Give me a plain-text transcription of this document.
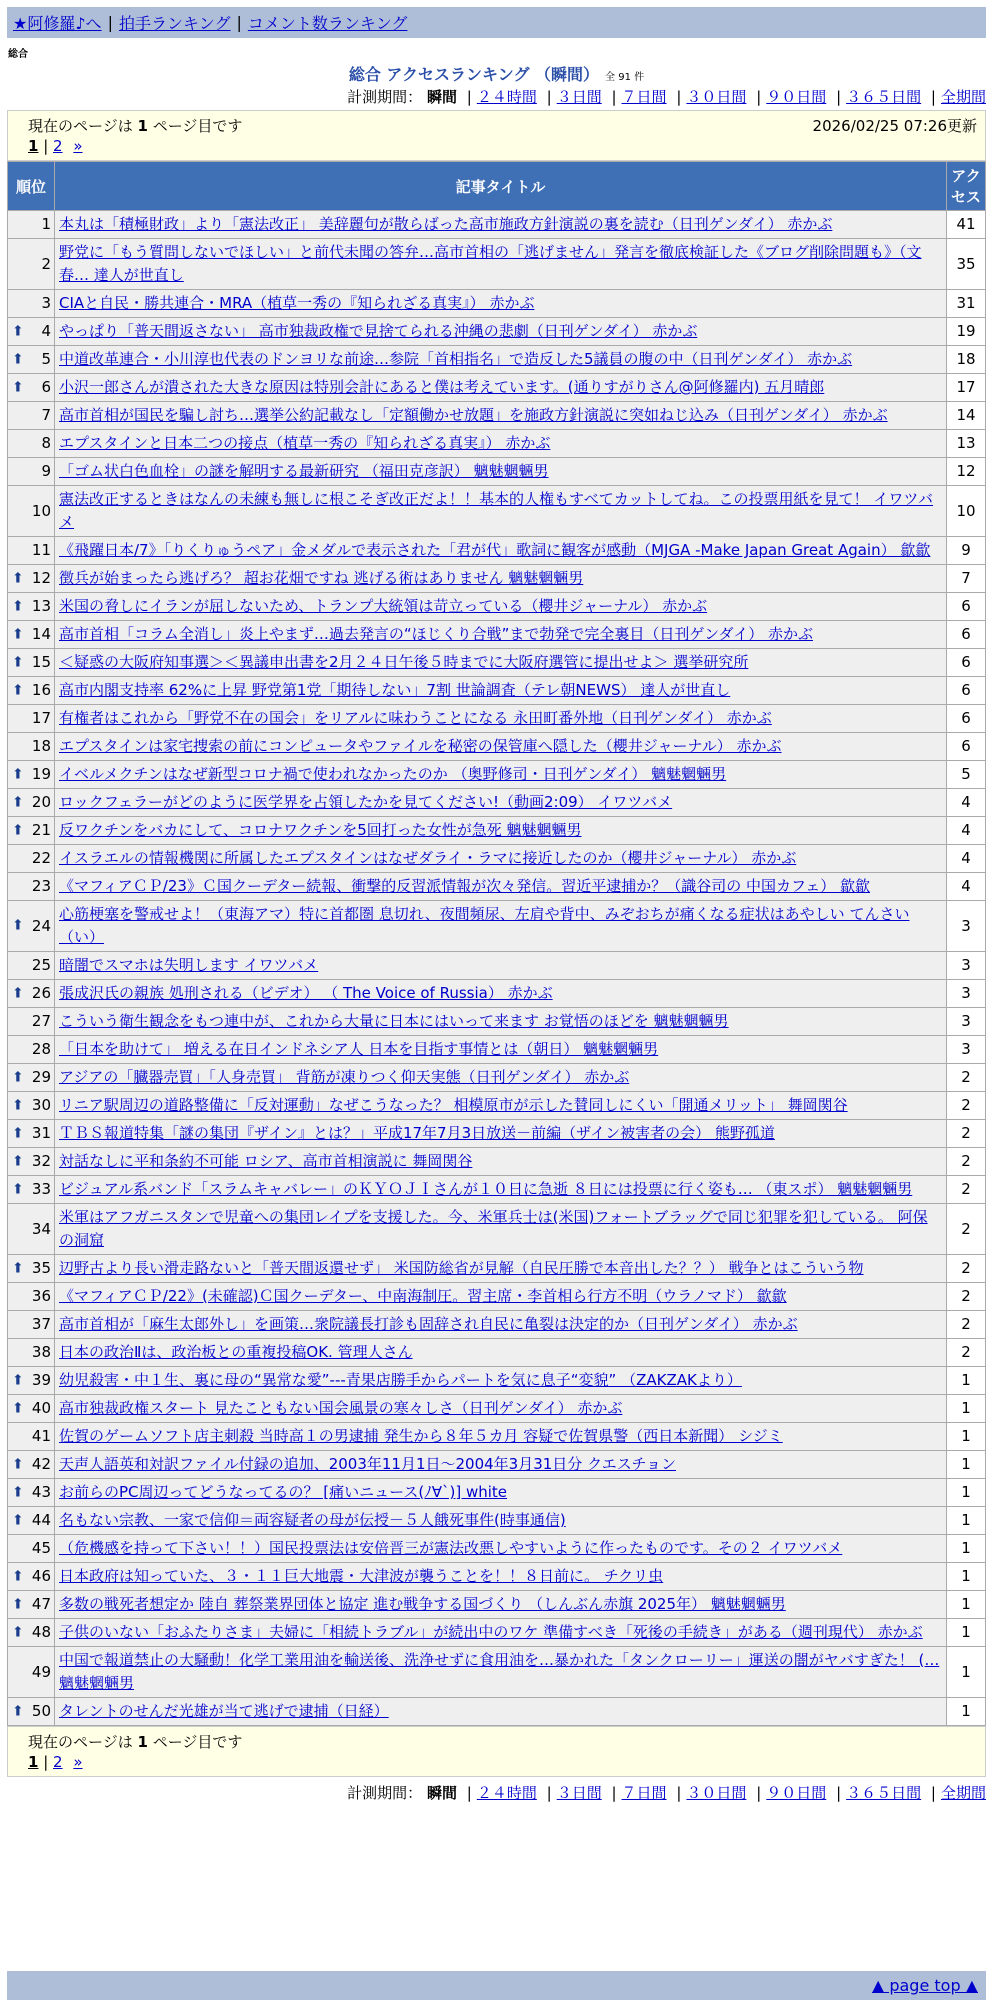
★阿修羅♪へ | 拍手ランキング | コメント数ランキング
総合
総合 アクセスランキング （瞬間） 全 91 件
計測期間： 瞬間 | ２４時間 | ３日間 | ７日間 | ３０日間 | ９０日間 | ３６５日間 | 全期間
現在のページは 1 ページ目です	2026/02/25 07:26更新
1 | 2 »
順位	記事タイトル	アクセス
1	本丸は「積極財政」より「憲法改正」 美辞麗句が散らばった高市施政方針演説の裏を読む（日刊ゲンダイ） 赤かぶ	41
2	野党に「もう質問しないでほしい」と前代未聞の答弁…高市首相の「逃げません」発言を徹底検証した《ブログ削除問題も》（文春… 達人が世直し	35
3	CIAと自民・勝共連合・MRA（植草一秀の『知られざる真実』） 赤かぶ	31

⬆ 4	やっぱり「普天間返さない」 高市独裁政権で見捨てられる沖縄の悲劇（日刊ゲンダイ） 赤かぶ	19

⬆ 5	中道改革連合・小川淳也代表のドンヨリな前途…参院「首相指名」で造反した5議員の腹の中（日刊ゲンダイ） 赤かぶ	18

⬆ 6	小沢一郎さんが潰された大きな原因は特別会計にあると僕は考えています。(通りすがりさん@阿修羅内) 五月晴郎	17
7	高市首相が国民を騙し討ち…選挙公約記載なし「定額働かせ放題」を施政方針演説に突如ねじ込み（日刊ゲンダイ） 赤かぶ	14
8	エプスタインと日本二つの接点（植草一秀の『知られざる真実』） 赤かぶ	13
9	「ゴム状白色血栓」の謎を解明する最新研究 （福田克彦訳） 魑魅魍魎男	12
10	憲法改正するときはなんの未練も無しに根こそぎ改正だよ！！基本的人権もすべてカットしてね。この投票用紙を見て！ イワツバメ	10
11	《飛躍日本/7》「りくりゅうペア」金メダルで表示された「君が代」歌詞に観客が感動（MJGA -Make Japan Great Again） 歙歙	9

⬆ 12	徴兵が始まったら逃げろ？ 超お花畑ですね 逃げる術はありません 魑魅魍魎男	7

⬆ 13	米国の脅しにイランが屈しないため、トランプ大統領は苛立っている（櫻井ジャーナル） 赤かぶ	6

⬆ 14	高市首相「コラム全消し」炎上やまず…過去発言の“ほじくり合戦”まで勃発で完全裏目（日刊ゲンダイ） 赤かぶ	6

⬆ 15	＜疑惑の大阪府知事選＞＜異議申出書を2月２４日午後５時までに大阪府選管に提出せよ＞ 選挙研究所	6

⬆ 16	高市内閣支持率 62%に上昇 野党第1党「期待しない」7割 世論調査（テレ朝NEWS） 達人が世直し	6
17	有権者はこれから「野党不在の国会」をリアルに味わうことになる 永田町番外地（日刊ゲンダイ） 赤かぶ	6
18	エプスタインは家宅捜索の前にコンピュータやファイルを秘密の保管庫へ隠した（櫻井ジャーナル） 赤かぶ	6

⬆ 19	イベルメクチンはなぜ新型コロナ禍で使われなかったのか （奥野修司・日刊ゲンダイ） 魑魅魍魎男	5

⬆ 20	ロックフェラーがどのように医学界を占領したかを見てください!（動画2:09） イワツバメ	4

⬆ 21	反ワクチンをバカにして、コロナワクチンを5回打った女性が急死 魑魅魍魎男	4
22	イスラエルの情報機関に所属したエプスタインはなぜダライ・ラマに接近したのか（櫻井ジャーナル） 赤かぶ	4
23	《マフィアＣＰ/23》Ｃ国クーデター続報、衝撃的反習派情報が次々発信。習近平逮捕か？（識谷司の 中国カフェ） 歙歙	4

⬆ 24	心筋梗塞を警戒せよ！（東海アマ）特に首都圏 息切れ、夜間頻尿、左肩や背中、みぞおちが痛くなる症状はあやしい てんさい（い）	3
25	暗闇でスマホは失明します イワツバメ	3

⬆ 26	張成沢氏の親族 処刑される（ビデオ） （ The Voice of Russia） 赤かぶ	3
27	こういう衛生観念をもつ連中が、これから大量に日本にはいって来ます お覚悟のほどを 魑魅魍魎男	3
28	「日本を助けて」 増える在日インドネシア人 日本を目指す事情とは（朝日） 魑魅魍魎男	3

⬆ 29	アジアの「臓器売買」「人身売買」 背筋が凍りつく仰天実態（日刊ゲンダイ） 赤かぶ	2

⬆ 30	リニア駅周辺の道路整備に「反対運動」なぜこうなった？ 相模原市が示した賛同しにくい「開通メリット」 舞岡関谷	2

⬆ 31	ＴＢＳ報道特集「謎の集団『ザイン』とは？」平成17年7月3日放送－前編（ザイン被害者の会） 熊野孤道	2

⬆ 32	対話なしに平和条約不可能 ロシア、高市首相演説に 舞岡関谷	2

⬆ 33	ビジュアル系バンド「スラムキャバレー」のＫＹＯＪＩさんが１０日に急逝 ８日には投票に行く姿も… （東スポ） 魑魅魍魎男	2
34	米軍はアフガニスタンで児童への集団レイプを支援した。今、米軍兵士は(米国)フォートブラッグで同じ犯罪を犯している。 阿保の洞窟	2

⬆ 35	辺野古より長い滑走路ないと「普天間返還せず」 米国防総省が見解（自民圧勝で本音出した？？） 戦争とはこういう物	2
36	《マフィアＣＰ/22》(未確認)Ｃ国クーデター、中南海制圧。習主席・李首相ら行方不明（ウラノマド） 歙歙	2
37	高市首相が「麻生太郎外し」を画策…衆院議長打診も固辞され自民に亀裂は決定的か（日刊ゲンダイ） 赤かぶ	2
38	日本の政治Ⅱは、政治板との重複投稿OK. 管理人さん	2

⬆ 39	幼児殺害・中１生、裏に母の“異常な愛”---青果店勝手からパートを気に息子“変貌” （ZAKZAKより）	1

⬆ 40	高市独裁政権スタート 見たこともない国会風景の寒々しさ（日刊ゲンダイ） 赤かぶ	1
41	佐賀のゲームソフト店主刺殺 当時高１の男逮捕 発生から８年５カ月 容疑で佐賀県警（西日本新聞） シジミ	1

⬆ 42	天声人語英和対訳ファイル付録の追加、2003年11月1日～2004年3月31日分 クエスチョン	1

⬆ 43	お前らのPC周辺ってどうなってるの？ [痛いニュース(ﾉ∀`)] white	1

⬆ 44	名もない宗教、一家で信仰＝両容疑者の母が伝授－５人餓死事件(時事通信)	1
45	（危機感を持って下さい！！）国民投票法は安倍晋三が憲法改悪しやすいように作ったものです。その２ イワツバメ	1

⬆ 46	日本政府は知っていた、３・１１巨大地震・大津波が襲うことを！！８日前に。 チクリ虫	1

⬆ 47	多数の戦死者想定か 陸自 葬祭業界団体と協定 進む戦争する国づくり （しんぶん赤旗 2025年） 魑魅魍魎男	1

⬆ 48	子供のいない「おふたりさま」夫婦に「相続トラブル」が続出中のワケ 準備すべき「死後の手続き」がある（週刊現代） 赤かぶ	1
49	中国で報道禁止の大騒動！化学工業用油を輸送後、洗浄せずに食用油を…暴かれた「タンクローリー」運送の闇がヤバすぎた！ (… 魑魅魍魎男	1

⬆ 50	タレントのせんだ光雄が当て逃げで逮捕（日経）	1
計測期間： 瞬間 | ２４時間 | ３日間 | ７日間 | ３０日間 | ９０日間 | ３６５日間 | 全期間
現在のページは 1 ページ目です
1 | 2 »
▲ page top ▲
